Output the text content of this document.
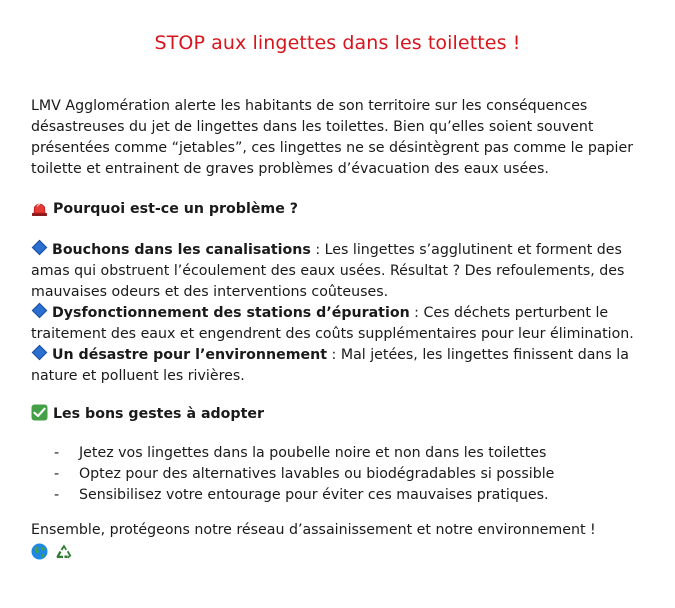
STOP aux lingettes dans les toilettes !

LMV Agglomération alerte les habitants de son territoire sur les conséquences désastreuses du jet de lingettes dans les toilettes. Bien qu’elles soient souvent présentées comme “jetables”, ces lingettes ne se désintègrent pas comme le papier toilette et entrainent de graves problèmes d’évacuation des eaux usées.

Pourquoi est-ce un problème ?

Bouchons dans les canalisations : Les lingettes s’agglutinent et forment des amas qui obstruent l’écoulement des eaux usées. Résultat ? Des refoulements, des mauvaises odeurs et des interventions coûteuses.

Dysfonctionnement des stations d’épuration : Ces déchets perturbent le traitement des eaux et engendrent des coûts supplémentaires pour leur élimination.

Un désastre pour l’environnement : Mal jetées, les lingettes finissent dans la nature et polluent les rivières.

Les bons gestes à adopter

- Jetez vos lingettes dans la poubelle noire et non dans les toilettes
- Optez pour des alternatives lavables ou biodégradables si possible
- Sensibilisez votre entourage pour éviter ces mauvaises pratiques.

Ensemble, protégeons notre réseau d’assainissement et notre environnement !
